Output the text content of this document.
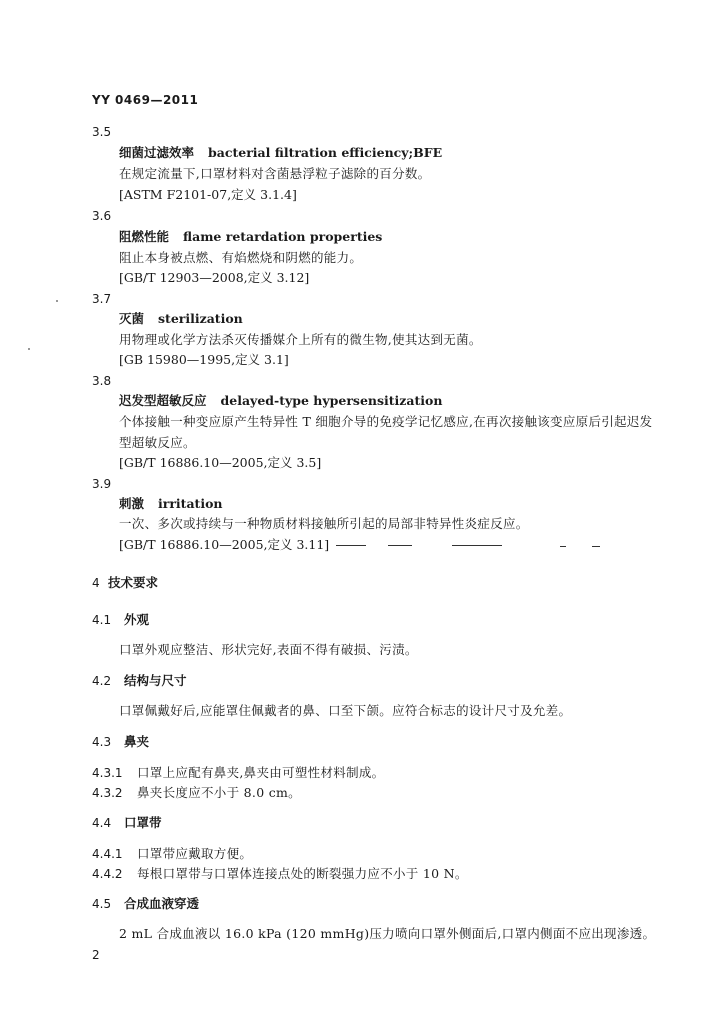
YY 0469—2011
3.5
细菌过滤效率 bacterial filtration efficiency;BFE
在规定流量下,口罩材料对含菌悬浮粒子滤除的百分数。
[ASTM F2101-07,定义 3.1.4]
3.6
阻燃性能 flame retardation properties
阻止本身被点燃、有焰燃烧和阴燃的能力。
[GB/T 12903—2008,定义 3.12]
3.7
灭菌 sterilization
用物理或化学方法杀灭传播媒介上所有的微生物,使其达到无菌。
[GB 15980—1995,定义 3.1]
3.8
迟发型超敏反应 delayed-type hypersensitization
个体接触一种变应原产生特异性 T 细胞介导的免疫学记忆感应,在再次接触该变应原后引起迟发
型超敏反应。
[GB/T 16886.10—2005,定义 3.5]
3.9
刺激 irritation
一次、多次或持续与一种物质材料接触所引起的局部非特异性炎症反应。
[GB/T 16886.10—2005,定义 3.11]
4 技术要求
4.1 外观
口罩外观应整洁、形状完好,表面不得有破损、污渍。
4.2 结构与尺寸
口罩佩戴好后,应能罩住佩戴者的鼻、口至下颌。应符合标志的设计尺寸及允差。
4.3 鼻夹
4.3.1 口罩上应配有鼻夹,鼻夹由可塑性材料制成。
4.3.2 鼻夹长度应不小于 8.0 cm。
4.4 口罩带
4.4.1 口罩带应戴取方便。
4.4.2 每根口罩带与口罩体连接点处的断裂强力应不小于 10 N。
4.5 合成血液穿透
2 mL 合成血液以 16.0 kPa (120 mmHg)压力喷向口罩外侧面后,口罩内侧面不应出现渗透。
2
